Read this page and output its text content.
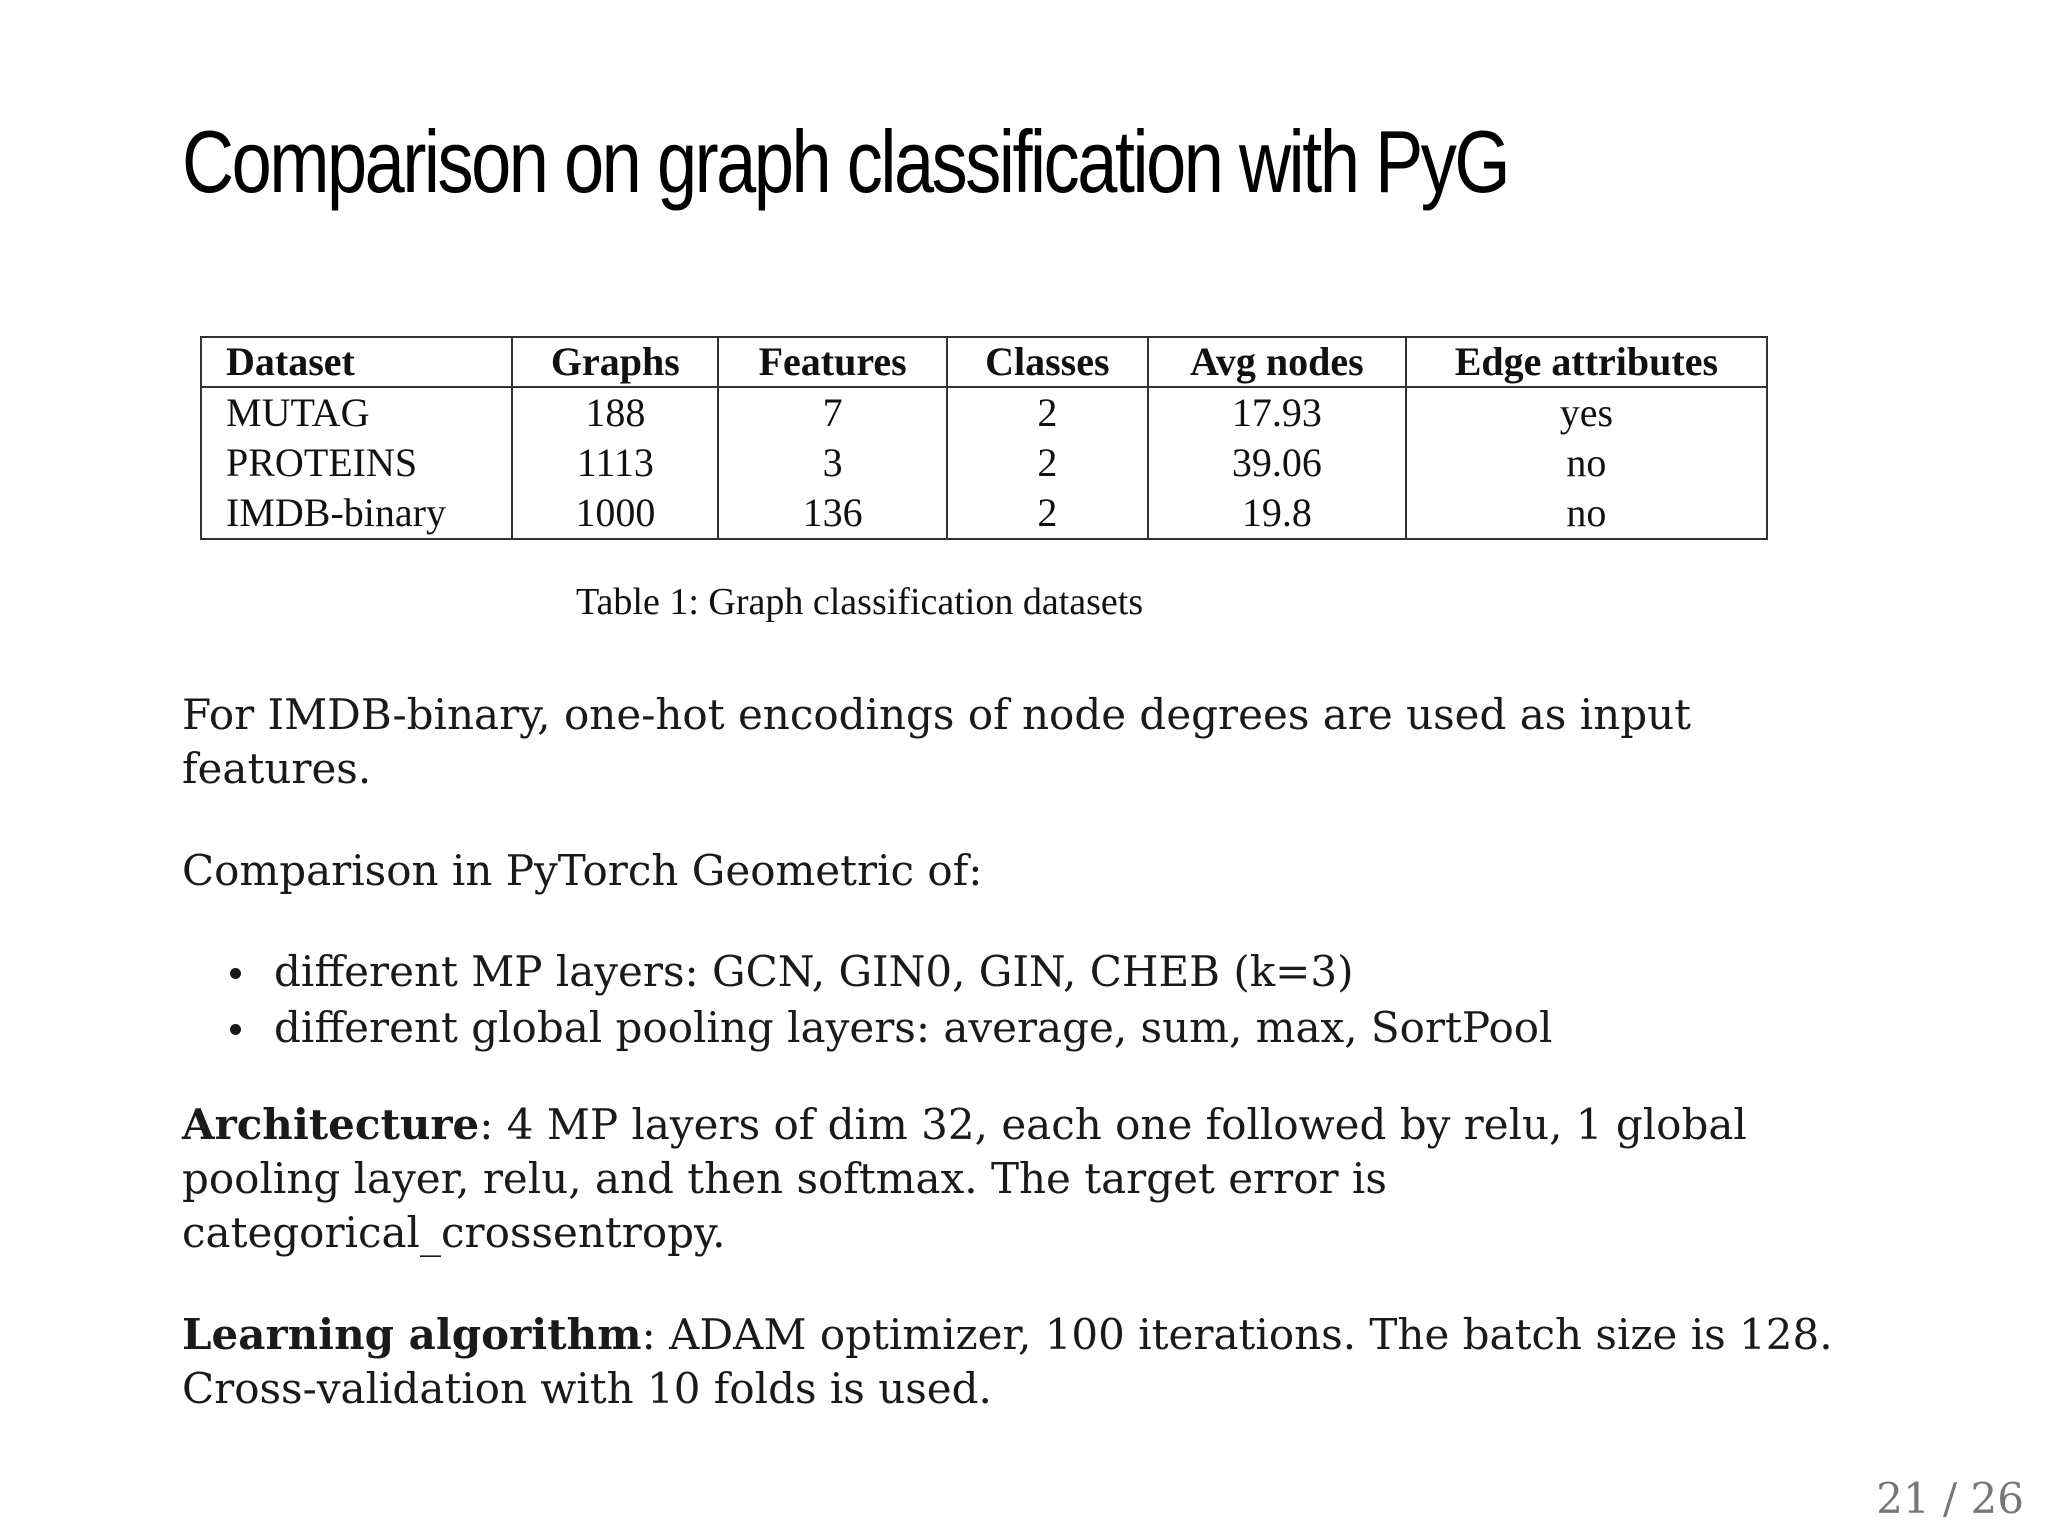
Comparison on graph classification with PyG
Dataset	Graphs	Features	Classes	Avg nodes	Edge attributes
MUTAG	188	7	2	17.93	yes
PROTEINS	1113	3	2	39.06	no
IMDB-binary	1000	136	2	19.8	no
Table 1: Graph classification datasets

For IMDB-binary, one-hot encodings of node degrees are used as input features.

Comparison in PyTorch Geometric of:

different MP layers: GCN, GIN0, GIN, CHEB (k=3)
different global pooling layers: average, sum, max, SortPool

Architecture: 4 MP layers of dim 32, each one followed by relu, 1 global pooling layer, relu, and then softmax. The target error is categorical_crossentropy.

Learning algorithm: ADAM optimizer, 100 iterations. The batch size is 128. Cross-validation with 10 folds is used.

21 / 26
